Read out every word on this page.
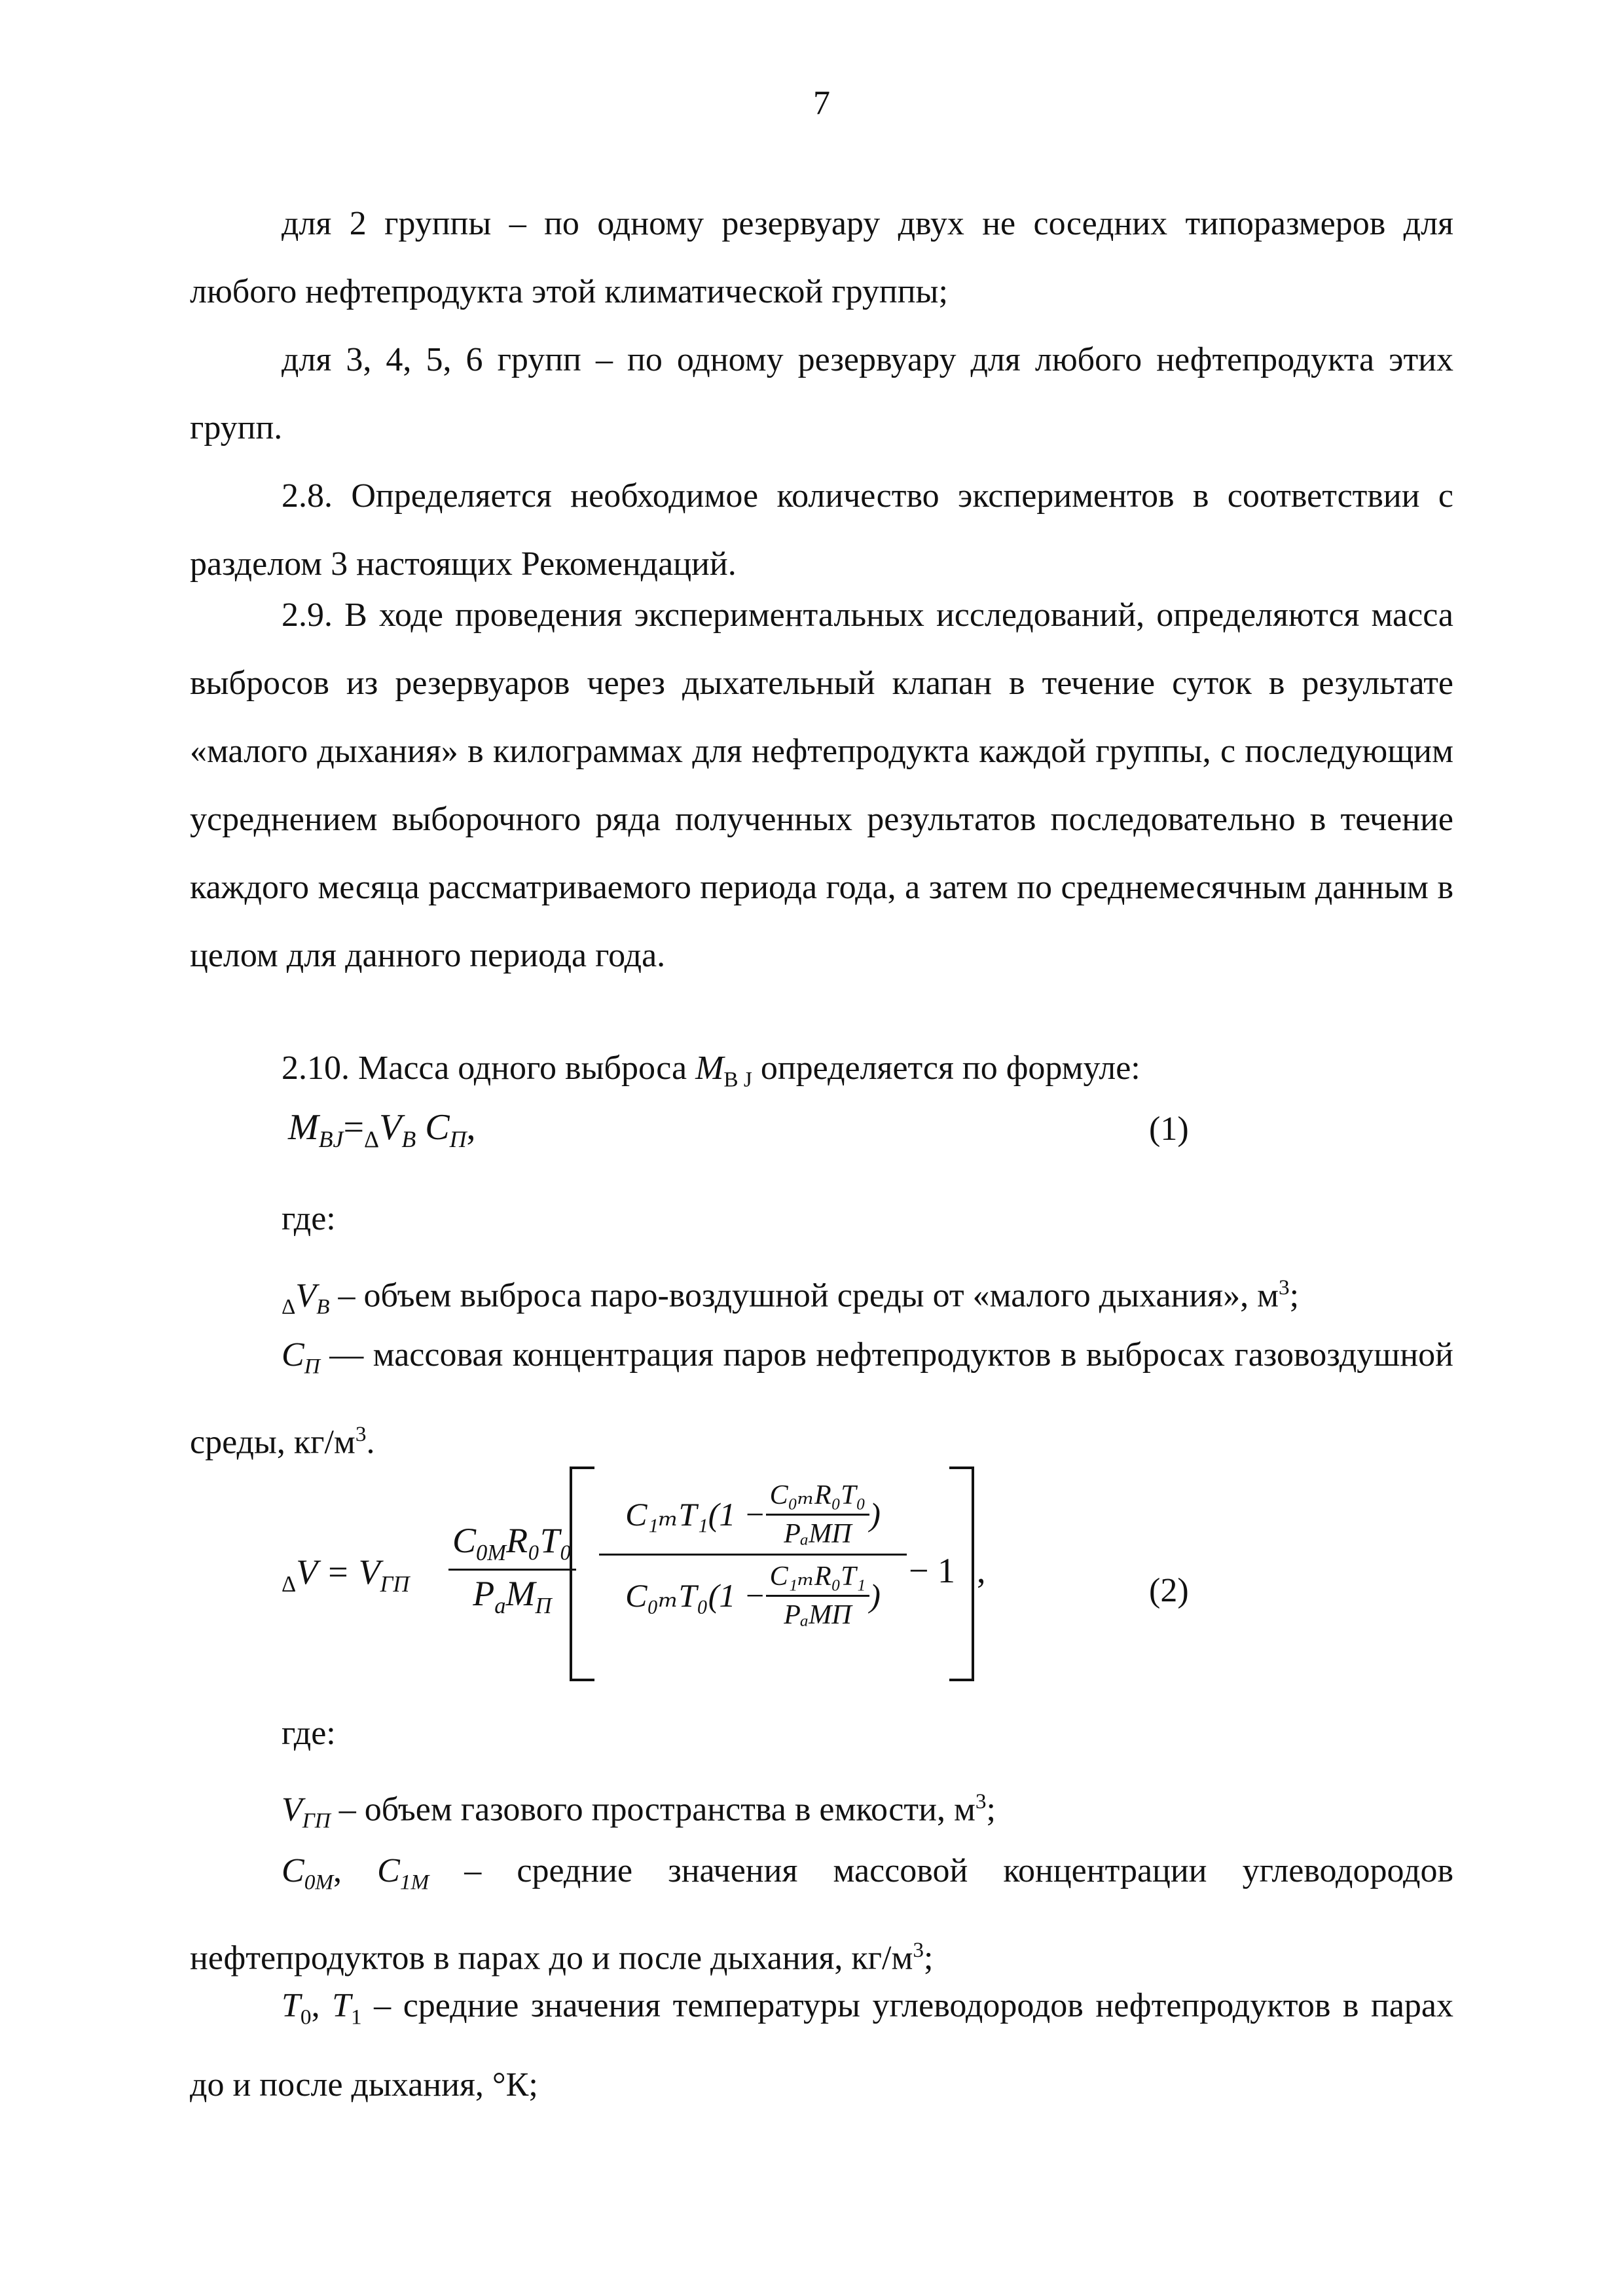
7
для 2 группы – по одному резервуару двух не соседних типоразмеров для любого нефтепродукта этой климатической группы;
для 3, 4, 5, 6 групп – по одному резервуару для любого нефтепродукта этих групп.
2.8. Определяется необходимое количество экспериментов в соответствии с разделом 3 настоящих Рекомендаций.
2.9. В ходе проведения экспериментальных исследований, определяются масса выбросов из резервуаров через дыхательный клапан в течение суток в результате «малого дыхания» в килограммах для нефтепродукта каждой группы, с последующим усреднением выборочного ряда полученных результатов последовательно в течение каждого месяца рассматриваемого периода года, а затем по среднемесячным данным в целом для данного периода года.
2.10. Масса одного выброса $M_{B J}$ определяется по формуле:
$M_{BJ}=_\Delta V_B$ $C_П$,	(1)
где:
$_\Delta V_B$ – объем выброса паро-воздушной среды от «малого дыхания», $м^3$;
$C_П$ — массовая концентрация паров нефтепродуктов в выбросах газовоздушной среды, $кг/м^3$.
$_\Delta V = V_{ГП}$
$C_{0M}R_0T_0$
$P_aM_П$
$C_{1m}T_1(1 - \frac{\text{C₀ₘR₀T₀}}{\text{PₐMП}}$ )
$C_{0m}T_0(1 - \frac{\text{C₁ₘR₀T₁}}{\text{PₐMП}}$ )
− 1 ,
(2)
где:
$V_{ГП}$ – объем газового пространства в емкости, $м^3$;
$C_{0M}$, $C_{1M}$ – средние значения массовой концентрации углеводородов нефтепродуктов в парах до и после дыхания, $кг/м^3$;
$T_0$, $T_1$ – средние значения температуры углеводородов нефтепродуктов в парах до и после дыхания, °К;
